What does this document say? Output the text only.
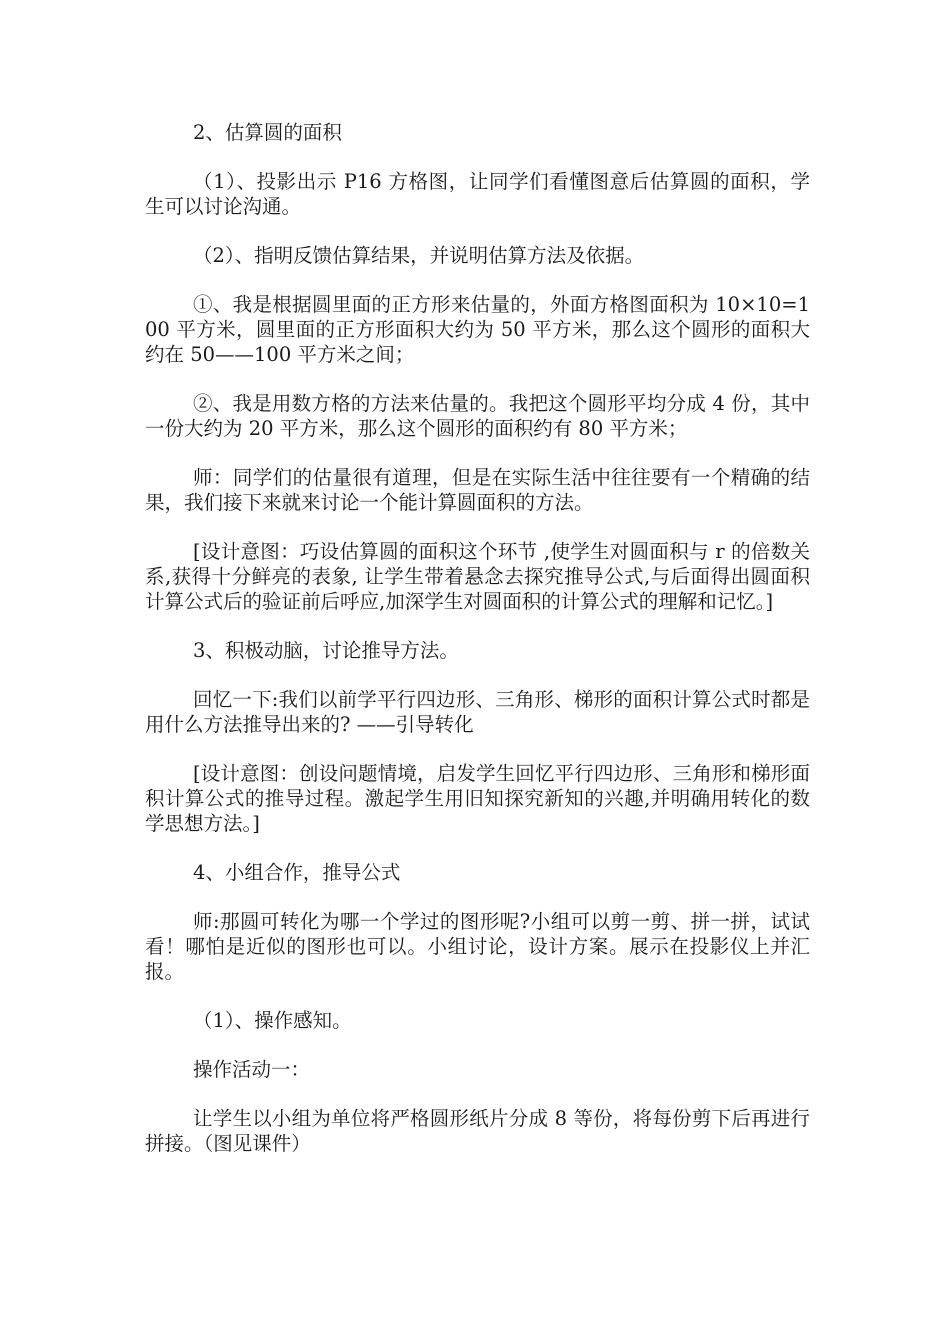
2、估算圆的面积

（1）、投影出示 P16 方格图，让同学们看懂图意后估算圆的面积，学生可以讨论沟通。

（2）、指明反馈估算结果，并说明估算方法及依据。

①、我是根据圆里面的正方形来估量的，外面方格图面积为 10×10=100 平方米，圆里面的正方形面积大约为 50 平方米，那么这个圆形的面积大约在 50——100 平方米之间；

②、我是用数方格的方法来估量的。我把这个圆形平均分成 4 份，其中一份大约为 20 平方米，那么这个圆形的面积约有 80 平方米；

师：同学们的估量很有道理，但是在实际生活中往往要有一个精确的结果，我们接下来就来讨论一个能计算圆面积的方法。

[设计意图：巧设估算圆的面积这个环节 ,使学生对圆面积与 r 的倍数关系,获得十分鲜亮的表象, 让学生带着悬念去探究推导公式,与后面得出圆面积计算公式后的验证前后呼应,加深学生对圆面积的计算公式的理解和记忆。]

3、积极动脑，讨论推导方法。

回忆一下:我们以前学平行四边形、三角形、梯形的面积计算公式时都是用什么方法推导出来的? ——引导转化

[设计意图：创设问题情境，启发学生回忆平行四边形、三角形和梯形面积计算公式的推导过程。激起学生用旧知探究新知的兴趣,并明确用转化的数学思想方法。]

4、小组合作，推导公式

师:那圆可转化为哪一个学过的图形呢?小组可以剪一剪、拼一拼，试试看！哪怕是近似的图形也可以。小组讨论，设计方案。展示在投影仪上并汇报。

（1）、操作感知。

操作活动一：

让学生以小组为单位将严格圆形纸片分成 8 等份，将每份剪下后再进行拼接。（图见课件）
